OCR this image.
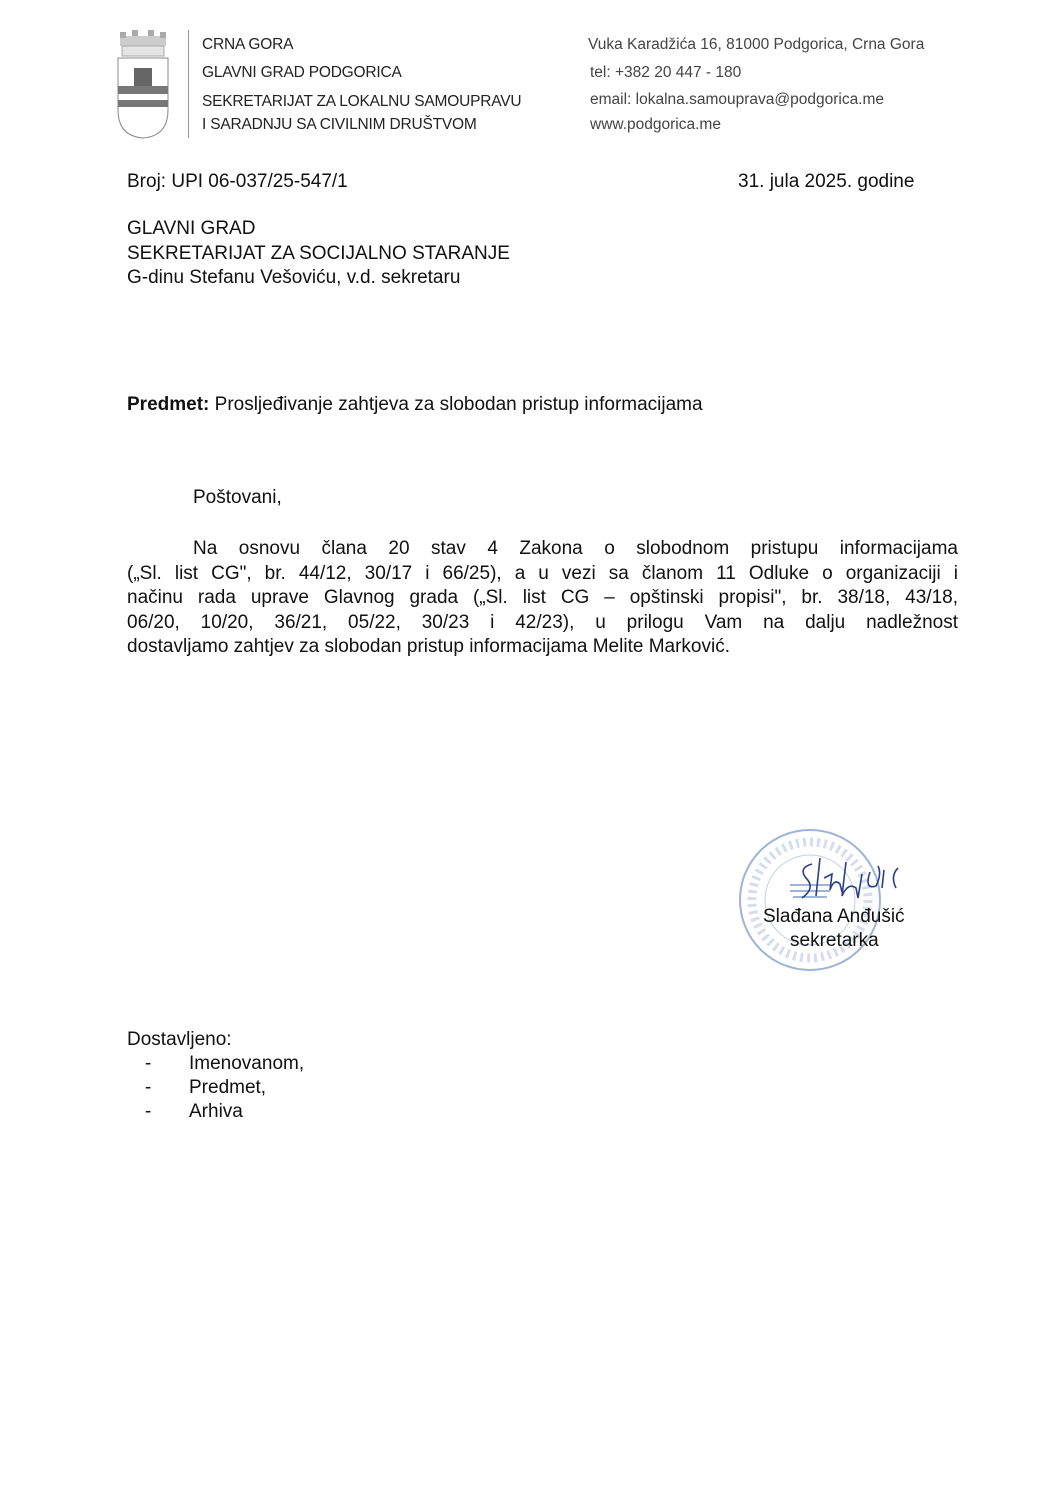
CRNA GORA
GLAVNI GRAD PODGORICA
SEKRETARIJAT ZA LOKALNU SAMOUPRAVU
I SARADNJU SA CIVILNIM DRUŠTVOM
Vuka Karadžića 16, 81000 Podgorica, Crna Gora
tel: +382 20 447 - 180
email: lokalna.samouprava@podgorica.me
www.podgorica.me
Broj: UPI 06-037/25-547/1	31. jula 2025. godine
GLAVNI GRAD
SEKRETARIJAT ZA SOCIJALNO STARANJE
G-dinu Stefanu Vešoviću, v.d. sekretaru
Predmet: Prosljeđivanje zahtjeva za slobodan pristup informacijama
Poštovani,
Na osnovu člana 20 stav 4 Zakona o slobodnom pristupu informacijama
(„Sl. list CG", br. 44/12, 30/17 i 66/25), a u vezi sa članom 11 Odluke o organizaciji i
načinu rada uprave Glavnog grada („Sl. list CG – opštinski propisi", br. 38/18, 43/18,
06/20, 10/20, 36/21, 05/22, 30/23 i 42/23), u prilogu Vam na dalju nadležnost
dostavljamo zahtjev za slobodan pristup informacijama Melite Marković.
Slađana Anđušić
sekretarka
Dostavljeno:
- Imenovanom,
- Predmet,
- Arhiva
